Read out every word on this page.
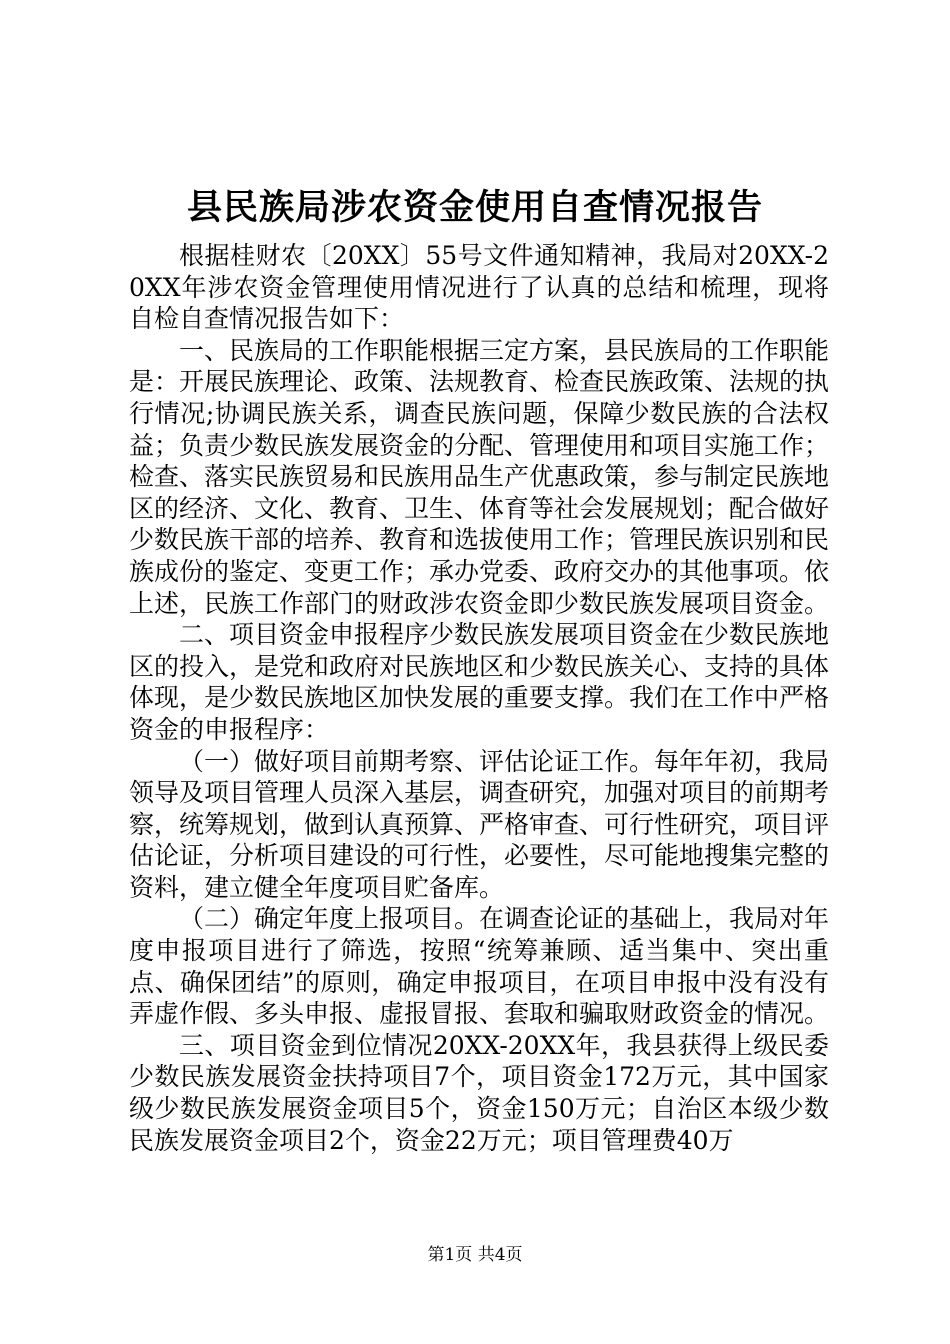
县民族局涉农资金使用自查情况报告

根据桂财农〔20XX〕55号文件通知精神，我局对20XX-20XX年涉农资金管理使用情况进行了认真的总结和梳理，现将自检自查情况报告如下：

一、民族局的工作职能根据三定方案，县民族局的工作职能是：开展民族理论、政策、法规教育、检查民族政策、法规的执行情况;协调民族关系，调查民族问题，保障少数民族的合法权益；负责少数民族发展资金的分配、管理使用和项目实施工作；检查、落实民族贸易和民族用品生产优惠政策，参与制定民族地区的经济、文化、教育、卫生、体育等社会发展规划；配合做好少数民族干部的培养、教育和选拔使用工作；管理民族识别和民族成份的鉴定、变更工作；承办党委、政府交办的其他事项。依上述，民族工作部门的财政涉农资金即少数民族发展项目资金。

二、项目资金申报程序少数民族发展项目资金在少数民族地区的投入，是党和政府对民族地区和少数民族关心、支持的具体体现，是少数民族地区加快发展的重要支撑。我们在工作中严格资金的申报程序：

（一）做好项目前期考察、评估论证工作。每年年初，我局领导及项目管理人员深入基层，调查研究，加强对项目的前期考察，统筹规划，做到认真预算、严格审查、可行性研究，项目评估论证，分析项目建设的可行性，必要性，尽可能地搜集完整的资料，建立健全年度项目贮备库。

（二）确定年度上报项目。在调查论证的基础上，我局对年度申报项目进行了筛选，按照“统筹兼顾、适当集中、突出重点、确保团结”的原则，确定申报项目，在项目申报中没有没有弄虚作假、多头申报、虚报冒报、套取和骗取财政资金的情况。

三、项目资金到位情况20XX-20XX年，我县获得上级民委少数民族发展资金扶持项目7个，项目资金172万元，其中国家级少数民族发展资金项目5个，资金150万元；自治区本级少数民族发展资金项目2个，资金22万元；项目管理费40万

第1页 共4页
